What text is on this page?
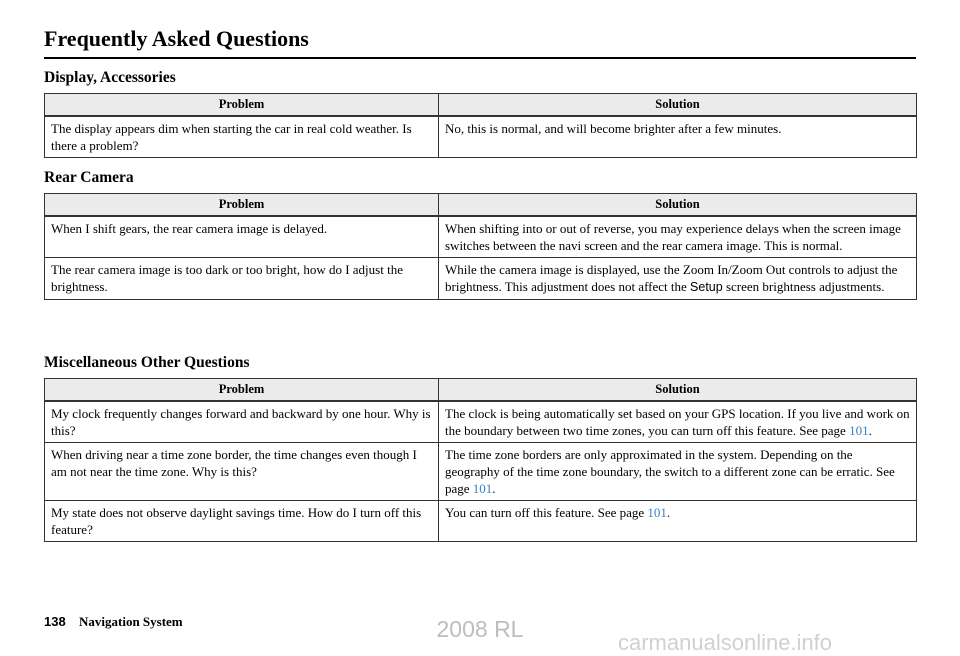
Frequently Asked Questions
Display, Accessories
Problem	Solution
The display appears dim when starting the car in real cold weather. Is there a problem?	No, this is normal, and will become brighter after a few minutes.
Rear Camera
Problem	Solution
When I shift gears, the rear camera image is delayed.	When shifting into or out of reverse, you may experience delays when the screen image switches between the navi screen and the rear camera image. This is normal.
The rear camera image is too dark or too bright, how do I adjust the brightness.	While the camera image is displayed, use the Zoom In/Zoom Out controls to adjust the brightness. This adjustment does not affect the Setup screen brightness adjustments.
Miscellaneous Other Questions
Problem	Solution
My clock frequently changes forward and backward by one hour. Why is this?	The clock is being automatically set based on your GPS location. If you live and work on the boundary between two time zones, you can turn off this feature. See page 101.
When driving near a time zone border, the time changes even though I am not near the time zone. Why is this?	The time zone borders are only approximated in the system. Depending on the geography of the time zone boundary, the switch to a different zone can be erratic. See page 101.
My state does not observe daylight savings time. How do I turn off this feature?	You can turn off this feature. See page 101.
138 Navigation System	2008 RL
carmanualsonline.info
